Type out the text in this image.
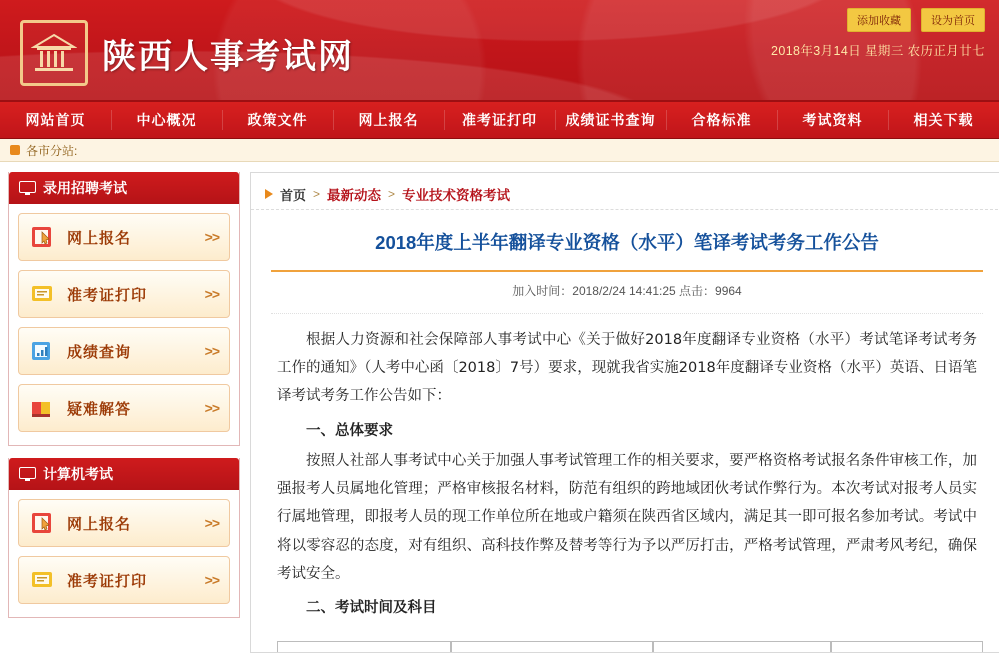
陕西人事考试网
添加收藏	设为首页
2018年3月14日 星期三 农历正月廿七
网站首页	中心概况	政策文件	网上报名	准考证打印	成绩证书查询	合格标准	考试资料	相关下载
各市分站:
录用招聘考试
网上报名	>>
准考证打印	>>
成绩查询	>>
疑难解答	>>
计算机考试
网上报名	>>
准考证打印	>>
首页 > 最新动态 > 专业技术资格考试
2018年度上半年翻译专业资格（水平）笔译考试考务工作公告
加入时间：2018/2/24 14:41:25 点击：9964

根据人力资源和社会保障部人事考试中心《关于做好2018年度翻译专业资格（水平）考试笔译考试考务工作的通知》（人考中心函〔2018〕7号）要求，现就我省实施2018年度翻译专业资格（水平）英语、日语笔译考试考务工作公告如下：

一、总体要求

按照人社部人事考试中心关于加强人事考试管理工作的相关要求，要严格资格考试报名条件审核工作，加强报考人员属地化管理；严格审核报名材料，防范有组织的跨地域团伙考试作弊行为。本次考试对报考人员实行属地管理，即报考人员的现工作单位所在地或户籍须在陕西省区域内，满足其一即可报名参加考试。考试中将以零容忍的态度，对有组织、高科技作弊及替考等行为予以严厉打击，严格考试管理，严肃考风考纪，确保考试安全。

二、考试时间及科目
